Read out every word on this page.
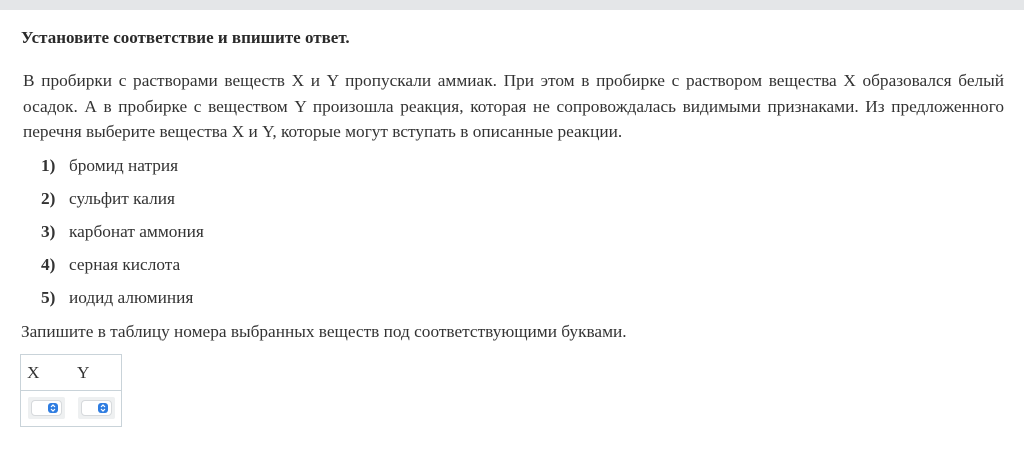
Установите соответствие и впишите ответ.
В пробирки с растворами веществ X и Y пропускали аммиак. При этом в пробирке с раствором вещества X образовался белый осадок. А в пробирке с веществом Y произошла реакция, которая не сопровождалась видимыми признаками. Из предложенного перечня выберите вещества X и Y, которые могут вступать в описанные реакции.
1) бромид натрия
2) сульфит калия
3) карбонат аммония
4) серная кислота
5) иодид алюминия
Запишите в таблицу номера выбранных веществ под соответствующими буквами.
X Y
